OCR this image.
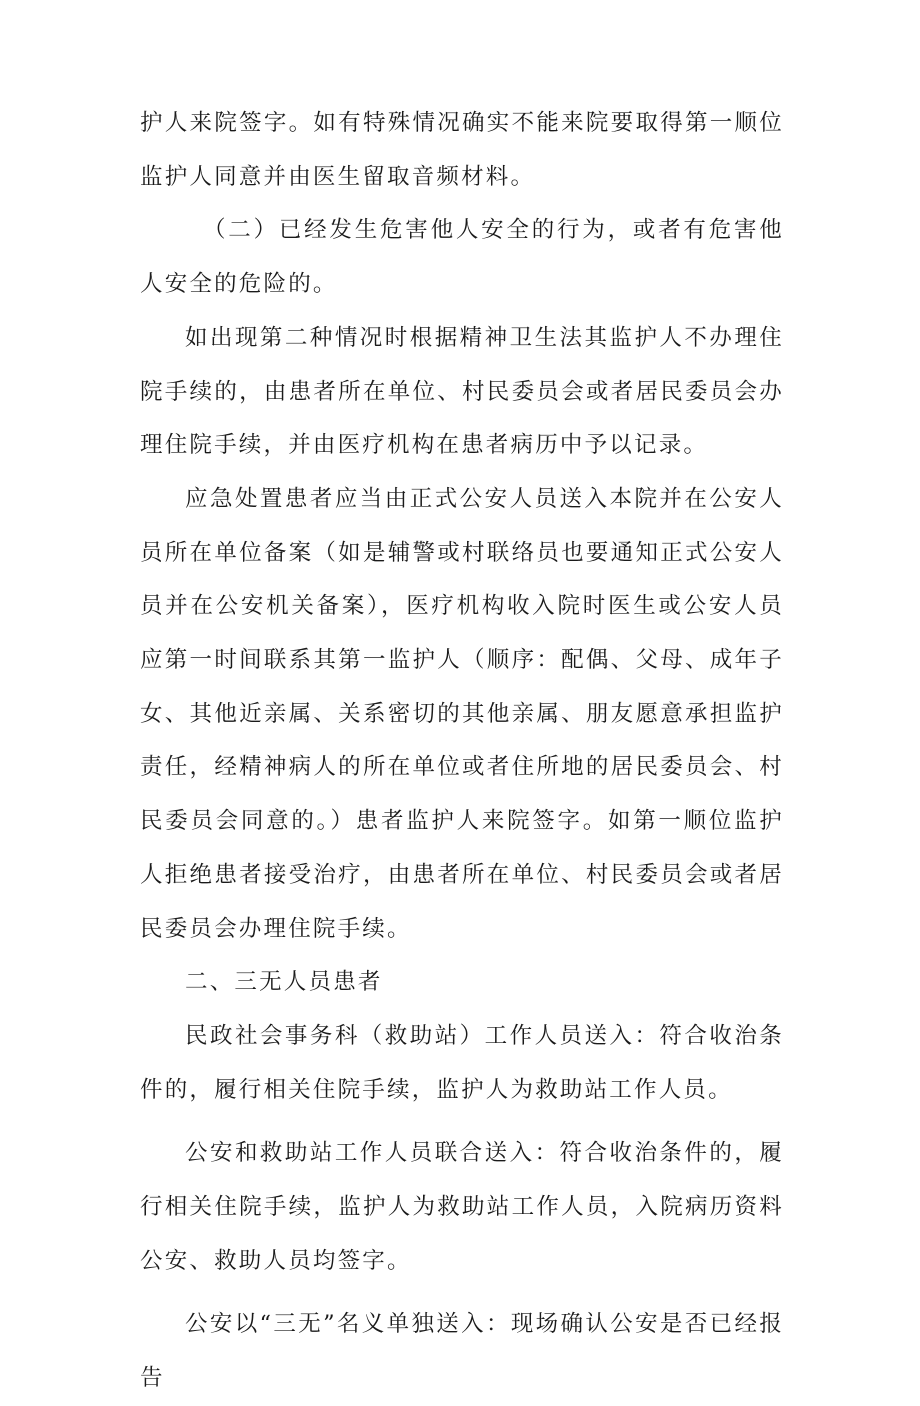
护人来院签字。如有特殊情况确实不能来院要取得第一顺位监护人同意并由医生留取音频材料。

（二）已经发生危害他人安全的行为，或者有危害他人安全的危险的。

如出现第二种情况时根据精神卫生法其监护人不办理住院手续的，由患者所在单位、村民委员会或者居民委员会办理住院手续，并由医疗机构在患者病历中予以记录。

应急处置患者应当由正式公安人员送入本院并在公安人员所在单位备案（如是辅警或村联络员也要通知正式公安人员并在公安机关备案），医疗机构收入院时医生或公安人员应第一时间联系其第一监护人（顺序：配偶、父母、成年子女、其他近亲属、关系密切的其他亲属、朋友愿意承担监护责任，经精神病人的所在单位或者住所地的居民委员会、村民委员会同意的。）患者监护人来院签字。如第一顺位监护人拒绝患者接受治疗，由患者所在单位、村民委员会或者居民委员会办理住院手续。

二、三无人员患者

民政社会事务科（救助站）工作人员送入：符合收治条件的，履行相关住院手续，监护人为救助站工作人员。

公安和救助站工作人员联合送入：符合收治条件的，履行相关住院手续，监护人为救助站工作人员，入院病历资料公安、救助人员均签字。

公安以“三无”名义单独送入：现场确认公安是否已经报告
